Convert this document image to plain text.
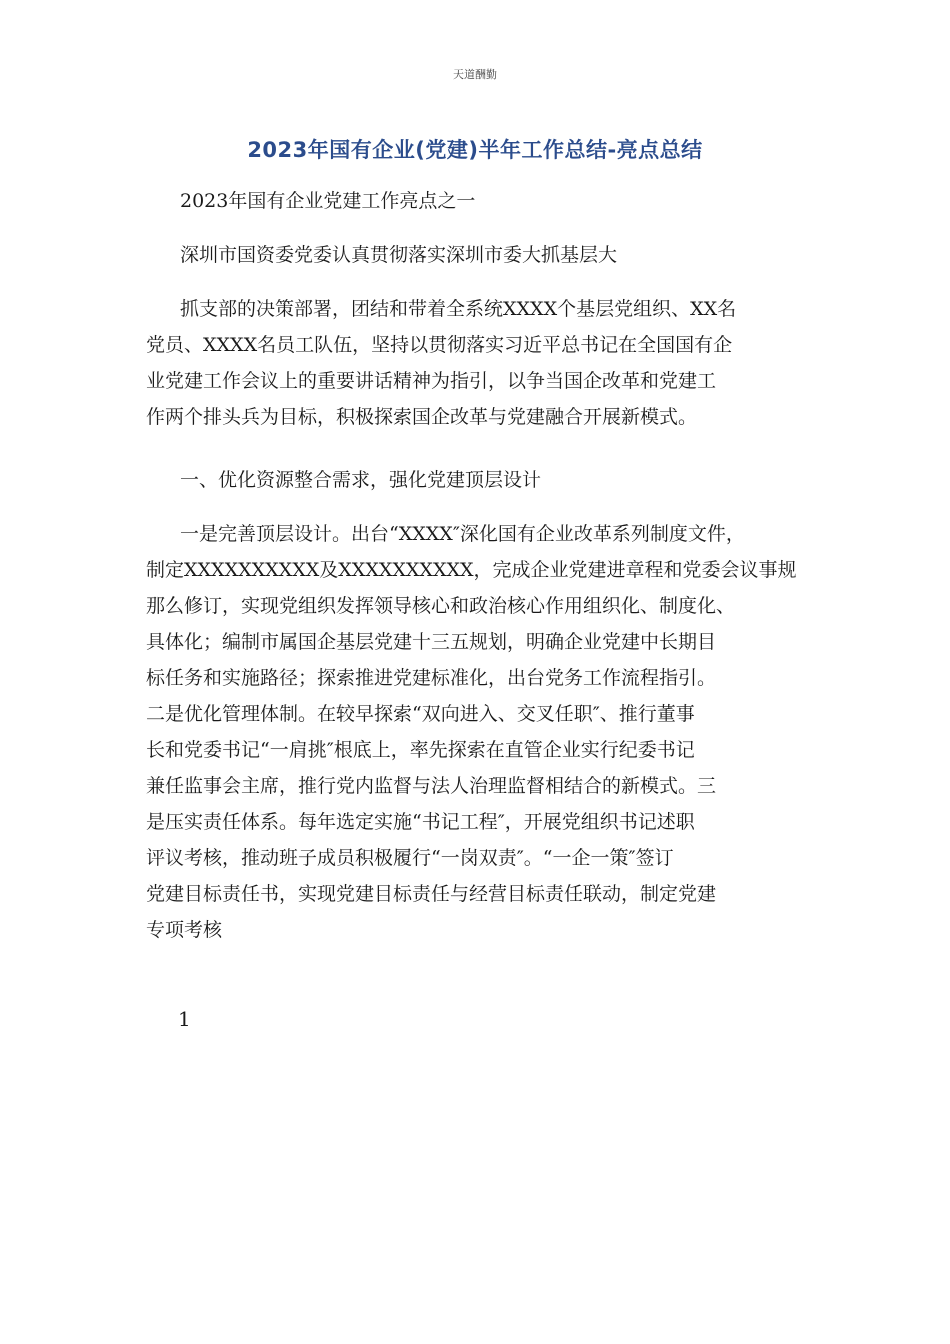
天道酬勤
2023年国有企业(党建)半年工作总结-亮点总结
2023年国有企业党建工作亮点之一
深圳市国资委党委认真贯彻落实深圳市委大抓基层大
抓支部的决策部署，团结和带着全系统XXXX个基层党组织、XX名
党员、XXXX名员工队伍，坚持以贯彻落实习近平总书记在全国国有企
业党建工作会议上的重要讲话精神为指引，以争当国企改革和党建工
作两个排头兵为目标，积极探索国企改革与党建融合开展新模式。
一、优化资源整合需求，强化党建顶层设计
一是完善顶层设计。出台“XXXX″深化国有企业改革系列制度文件，
制定XXXXXXXXXX及XXXXXXXXXX，完成企业党建进章程和党委会议事规
那么修订，实现党组织发挥领导核心和政治核心作用组织化、制度化、
具体化；编制市属国企基层党建十三五规划，明确企业党建中长期目
标任务和实施路径；探索推进党建标准化，出台党务工作流程指引。
二是优化管理体制。在较早探索“双向进入、交叉任职″、推行董事
长和党委书记“一肩挑″根底上，率先探索在直管企业实行纪委书记
兼任监事会主席，推行党内监督与法人治理监督相结合的新模式。三
是压实责任体系。每年选定实施“书记工程″，开展党组织书记述职
评议考核，推动班子成员积极履行“一岗双责″。“一企一策″签订
党建目标责任书，实现党建目标责任与经营目标责任联动，制定党建
专项考核
1
